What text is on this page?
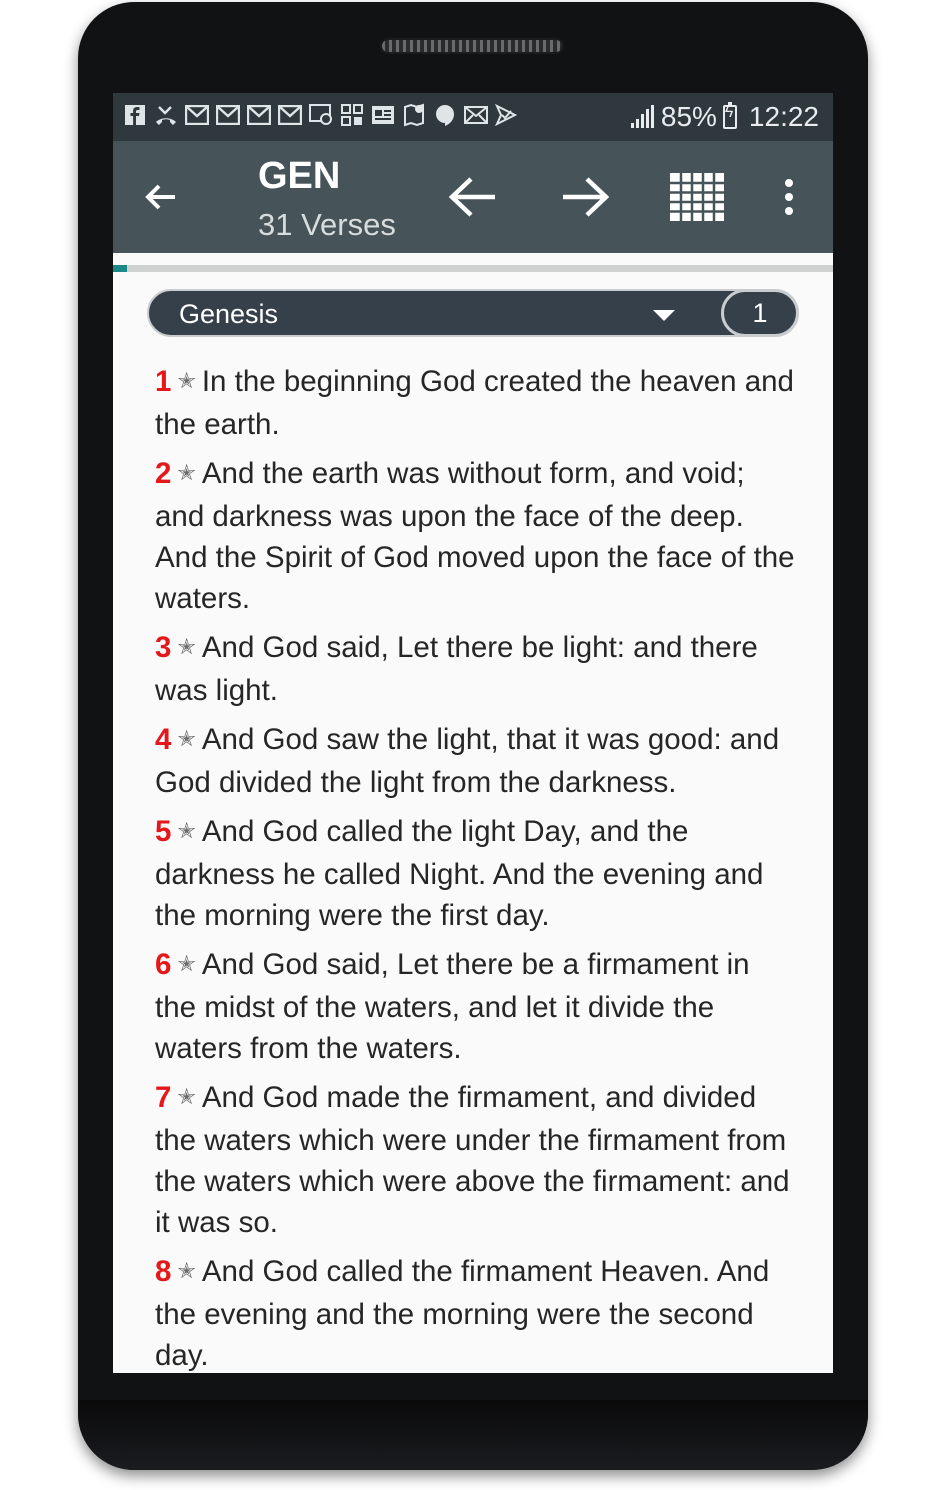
85%
ϟ 12:22
GEN
31 Verses
Genesis	1
1 ✭ In the beginning God created the heaven and the earth.
2 ✭ And the earth was without form, and void; and darkness was upon the face of the deep. And the Spirit of God moved upon the face of the waters.
3 ✭ And God said, Let there be light: and there was light.
4 ✭ And God saw the light, that it was good: and God divided the light from the darkness.
5 ✭ And God called the light Day, and the darkness he called Night. And the evening and the morning were the first day.
6 ✭ And God said, Let there be a firmament in the midst of the waters, and let it divide the waters from the waters.
7 ✭ And God made the firmament, and divided the waters which were under the firmament from the waters which were above the firmament: and it was so.
8 ✭ And God called the firmament Heaven. And the evening and the morning were the second day.
